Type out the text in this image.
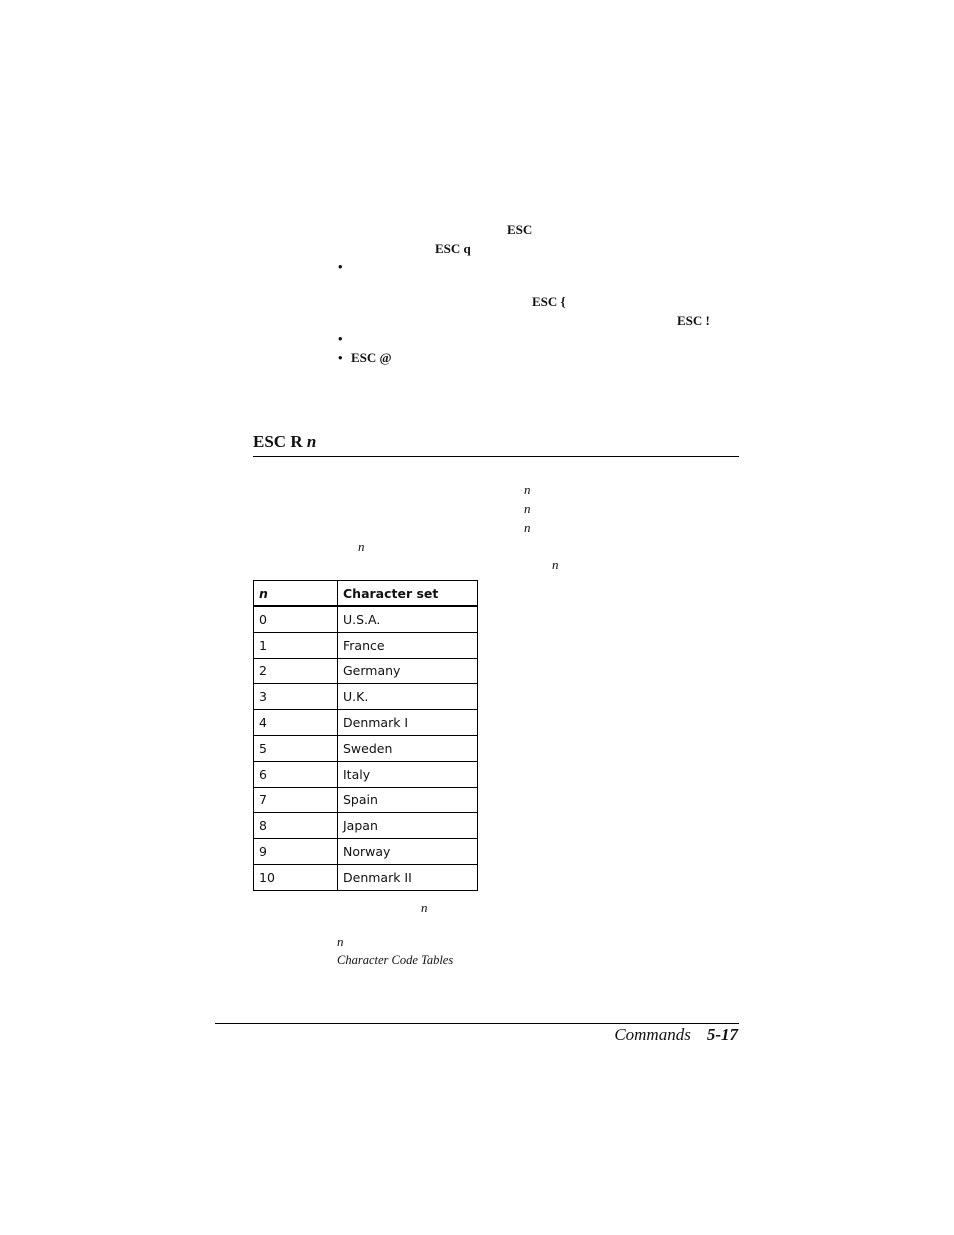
ESC
ESC q
•
ESC {
ESC !
•
• ESC @
ESC R n
n
n
n
n
n
n	Character set
0	U.S.A.
1	France
2	Germany
3	U.K.
4	Denmark I
5	Sweden
6	Italy
7	Spain
8	Japan
9	Norway
10	Denmark II
n
n
Character Code Tables
Commands 5-17
